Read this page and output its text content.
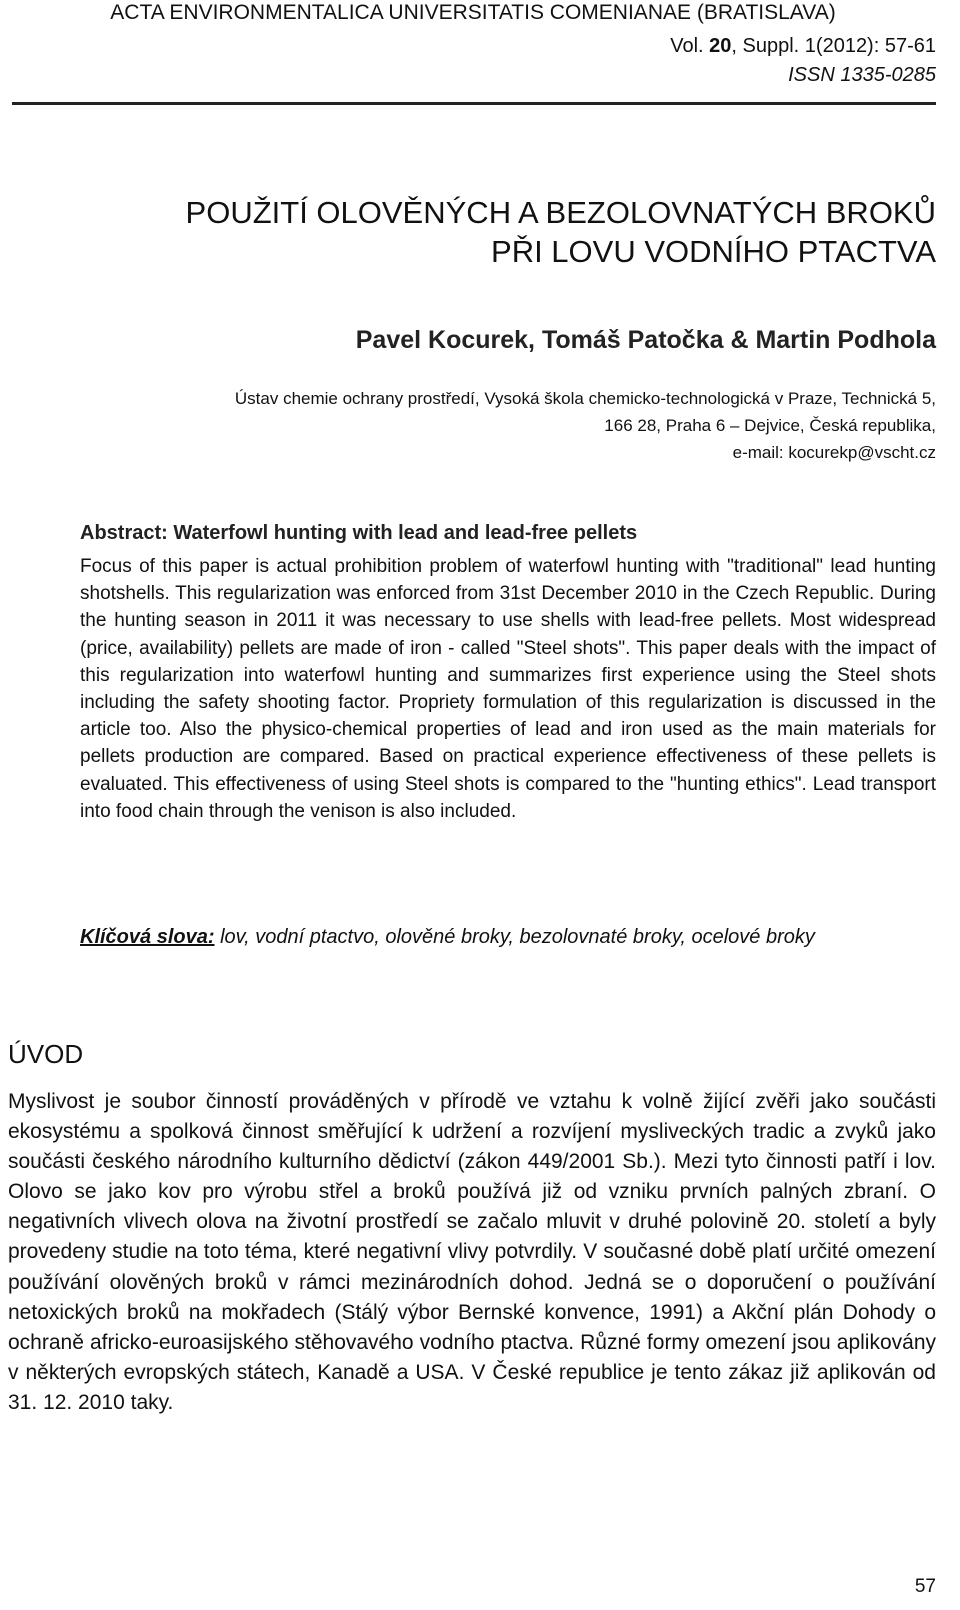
ACTA ENVIRONMENTALICA UNIVERSITATIS COMENIANAE (BRATISLAVA)
Vol. 20, Suppl. 1(2012): 57-61
ISSN 1335-0285
POUŽITÍ OLOVĚNÝCH A BEZOLOVNATÝCH BROKŮ
PŘI LOVU VODNÍHO PTACTVA
Pavel Kocurek, Tomáš Patočka & Martin Podhola
Ústav chemie ochrany prostředí, Vysoká škola chemicko-technologická v Praze, Technická 5,
166 28, Praha 6 – Dejvice, Česká republika,
e-mail: kocurekp@vscht.cz
Abstract: Waterfowl hunting with lead and lead-free pellets

Focus of this paper is actual prohibition problem of waterfowl hunting with "traditional" lead hunting shotshells. This regularization was enforced from 31st December 2010 in the Czech Republic. During the hunting season in 2011 it was necessary to use shells with lead-free pellets. Most widespread (price, availability) pellets are made of iron - called "Steel shots". This paper deals with the impact of this regularization into waterfowl hunting and summarizes first experience using the Steel shots including the safety shooting factor. Propriety formulation of this regularization is discussed in the article too. Also the physico-chemical properties of lead and iron used as the main materials for pellets production are compared. Based on practical experience effectiveness of these pellets is evaluated. This effectiveness of using Steel shots is compared to the "hunting ethics". Lead transport into food chain through the venison is also included.

Klíčová slova: lov, vodní ptactvo, olověné broky, bezolovnaté broky, ocelové broky
ÚVOD

Myslivost je soubor činností prováděných v přírodě ve vztahu k volně žijící zvěři jako součásti ekosystému a spolková činnost směřující k udržení a rozvíjení mysliveckých tradic a zvyků jako součásti českého národního kulturního dědictví (zákon 449/2001 Sb.). Mezi tyto činnosti patří i lov. Olovo se jako kov pro výrobu střel a broků používá již od vzniku prvních palných zbraní. O negativních vlivech olova na životní prostředí se začalo mluvit v druhé polovině 20. století a byly provedeny studie na toto téma, které negativní vlivy potvrdily. V současné době platí určité omezení používání olověných broků v rámci mezinárodních dohod. Jedná se o doporučení o používání netoxických broků na mokřadech (Stálý výbor Bernské konvence, 1991) a Akční plán Dohody o ochraně africko-euroasijského stěhovavého vodního ptactva. Různé formy omezení jsou aplikovány v některých evropských státech, Kanadě a USA. V České republice je tento zákaz již aplikován od 31. 12. 2010 taky.

57
